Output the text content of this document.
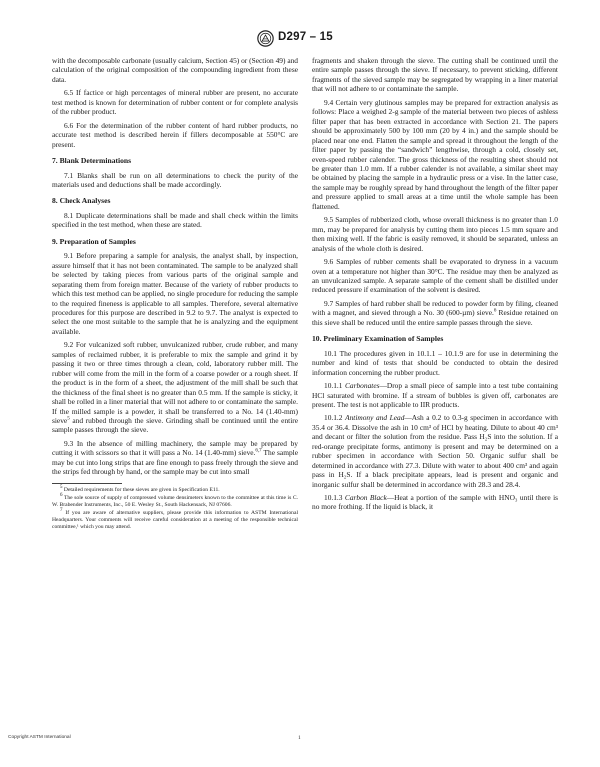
D297 – 15

with the decomposable carbonate (usually calcium, Section 45) or (Section 49) and calculation of the original composition of the compounding ingredient from these data.

6.5 If factice or high percentages of mineral rubber are present, no accurate test method is known for determination of rubber content or for complete analysis of the rubber product.

6.6 For the determination of the rubber content of hard rubber products, no accurate test method is described herein if fillers decomposable at 550°C are present.

7. Blank Determinations

7.1 Blanks shall be run on all determinations to check the purity of the materials used and deductions shall be made accordingly.

8. Check Analyses

8.1 Duplicate determinations shall be made and shall check within the limits specified in the test method, when these are stated.

9. Preparation of Samples

9.1 Before preparing a sample for analysis, the analyst shall, by inspection, assure himself that it has not been contaminated. The sample to be analyzed shall be selected by taking pieces from various parts of the original sample and separating them from foreign matter. Because of the variety of rubber products to which this test method can be applied, no single procedure for reducing the sample to the required fineness is applicable to all samples. Therefore, several alternative procedures for this purpose are described in 9.2 to 9.7. The analyst is expected to select the one most suitable to the sample that he is analyzing and the equipment available.

9.2 For vulcanized soft rubber, unvulcanized rubber, crude rubber, and many samples of reclaimed rubber, it is preferable to mix the sample and grind it by passing it two or three times through a clean, cold, laboratory rubber mill. The rubber will come from the mill in the form of a coarse powder or a rough sheet. If the product is in the form of a sheet, the adjustment of the mill shall be such that the thickness of the final sheet is no greater than 0.5 mm. If the sample is sticky, it shall be rolled in a liner material that will not adhere to or contaminate the sample. If the milled sample is a powder, it shall be transferred to a No. 14 (1.40-mm) sieve$^5$ and rubbed through the sieve. Grinding shall be continued until the entire sample passes through the sieve.

9.3 In the absence of milling machinery, the sample may be prepared by cutting it with scissors so that it will pass a No. 14 (1.40-mm) sieve.$^{6,7}$ The sample may be cut into long strips that are fine enough to pass freely through the sieve and the strips fed through by hand, or the sample may be cut into small

$^5$ Detailed requirements for these sieves are given in Specification E11.

$^6$ The sole source of supply of compressed volume densimeters known to the committee at this time is C. W. Brabender Instruments, Inc., 50 E. Wesley St., South Hackensack, NJ 07606.

$^7$ If you are aware of alternative suppliers, please provide this information to ASTM International Headquarters. Your comments will receive careful consideration at a meeting of the responsible technical committee,¹ which you may attend.

fragments and shaken through the sieve. The cutting shall be continued until the entire sample passes through the sieve. If necessary, to prevent sticking, different fragments of the sieved sample may be segregated by wrapping in a liner material that will not adhere to or contaminate the sample.

9.4 Certain very glutinous samples may be prepared for extraction analysis as follows: Place a weighed 2-g sample of the material between two pieces of ashless filter paper that has been extracted in accordance with Section 21. The papers should be approximately 500 by 100 mm (20 by 4 in.) and the sample should be placed near one end. Flatten the sample and spread it throughout the length of the filter paper by passing the “sandwich” lengthwise, through a cold, closely set, even-speed rubber calender. The gross thickness of the resulting sheet should not be greater than 1.0 mm. If a rubber calender is not available, a similar sheet may be obtained by placing the sample in a hydraulic press or a vise. In the latter case, the sample may be roughly spread by hand throughout the length of the filter paper and pressure applied to small areas at a time until the whole sample has been flattened.

9.5 Samples of rubberized cloth, whose overall thickness is no greater than 1.0 mm, may be prepared for analysis by cutting them into pieces 1.5 mm square and then mixing well. If the fabric is easily removed, it should be separated, unless an analysis of the whole cloth is desired.

9.6 Samples of rubber cements shall be evaporated to dryness in a vacuum oven at a temperature not higher than 30°C. The residue may then be analyzed as an unvulcanized sample. A separate sample of the cement shall be distilled under reduced pressure if examination of the solvent is desired.

9.7 Samples of hard rubber shall be reduced to powder form by filing, cleaned with a magnet, and sieved through a No. 30 (600-µm) sieve.$^6$ Residue retained on this sieve shall be reduced until the entire sample passes through the sieve.

10. Preliminary Examination of Samples

10.1 The procedures given in 10.1.1 – 10.1.9 are for use in determining the number and kind of tests that should be conducted to obtain the desired information concerning the rubber product.

10.1.1 Carbonates—Drop a small piece of sample into a test tube containing HCl saturated with bromine. If a stream of bubbles is given off, carbonates are present. The test is not applicable to IIR products.

10.1.2 Antimony and Lead—Ash a 0.2 to 0.3-g specimen in accordance with 35.4 or 36.4. Dissolve the ash in 10 cm³ of HCl by heating. Dilute to about 40 cm³ and decant or filter the solution from the residue. Pass H₂S into the solution. If a red-orange precipitate forms, antimony is present and may be determined on a rubber specimen in accordance with Section 50. Organic sulfur shall be determined in accordance with 27.3. Dilute with water to about 400 cm³ and again pass in H₂S. If a black precipitate appears, lead is present and organic and inorganic sulfur shall be determined in accordance with 28.3 and 28.4.

10.1.3 Carbon Black—Heat a portion of the sample with HNO₃ until there is no more frothing. If the liquid is black, it

Copyright ASTM International	1
